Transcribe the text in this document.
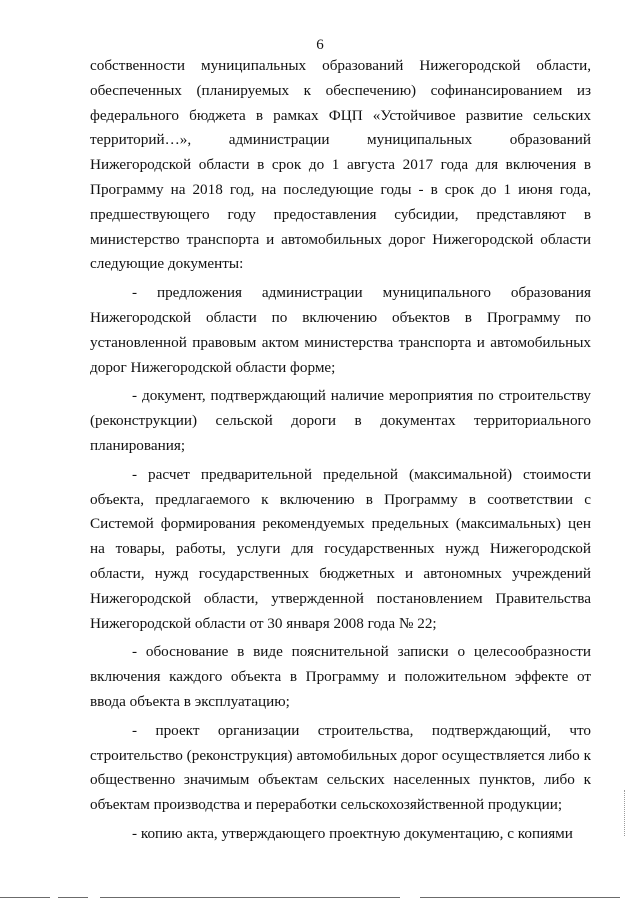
6

собственности муниципальных образований Нижегородской области, обеспеченных (планируемых к обеспечению) софинансированием из федерального бюджета в рамках ФЦП «Устойчивое развитие сельских территорий…», администрации муниципальных образований Нижегородской области в срок до 1 августа 2017 года для включения в Программу на 2018 год, на последующие годы - в срок до 1 июня года, предшествующего году предоставления субсидии, представляют в министерство транспорта и автомобильных дорог Нижегородской области следующие документы:

- предложения администрации муниципального образования Нижегородской области по включению объектов в Программу по установленной правовым актом министерства транспорта и автомобильных дорог Нижегородской области форме;

- документ, подтверждающий наличие мероприятия по строительству (реконструкции) сельской дороги в документах территориального планирования;

- расчет предварительной предельной (максимальной) стоимости объекта, предлагаемого к включению в Программу в соответствии с Системой формирования рекомендуемых предельных (максимальных) цен на товары, работы, услуги для государственных нужд Нижегородской области, нужд государственных бюджетных и автономных учреждений Нижегородской области, утвержденной постановлением Правительства Нижегородской области от 30 января 2008 года № 22;

- обоснование в виде пояснительной записки о целесообразности включения каждого объекта в Программу и положительном эффекте от ввода объекта в эксплуатацию;

- проект организации строительства, подтверждающий, что строительство (реконструкция) автомобильных дорог осуществляется либо к общественно значимым объектам сельских населенных пунктов, либо к объектам производства и переработки сельскохозяйственной продукции;

- копию акта, утверждающего проектную документацию, с копиями
